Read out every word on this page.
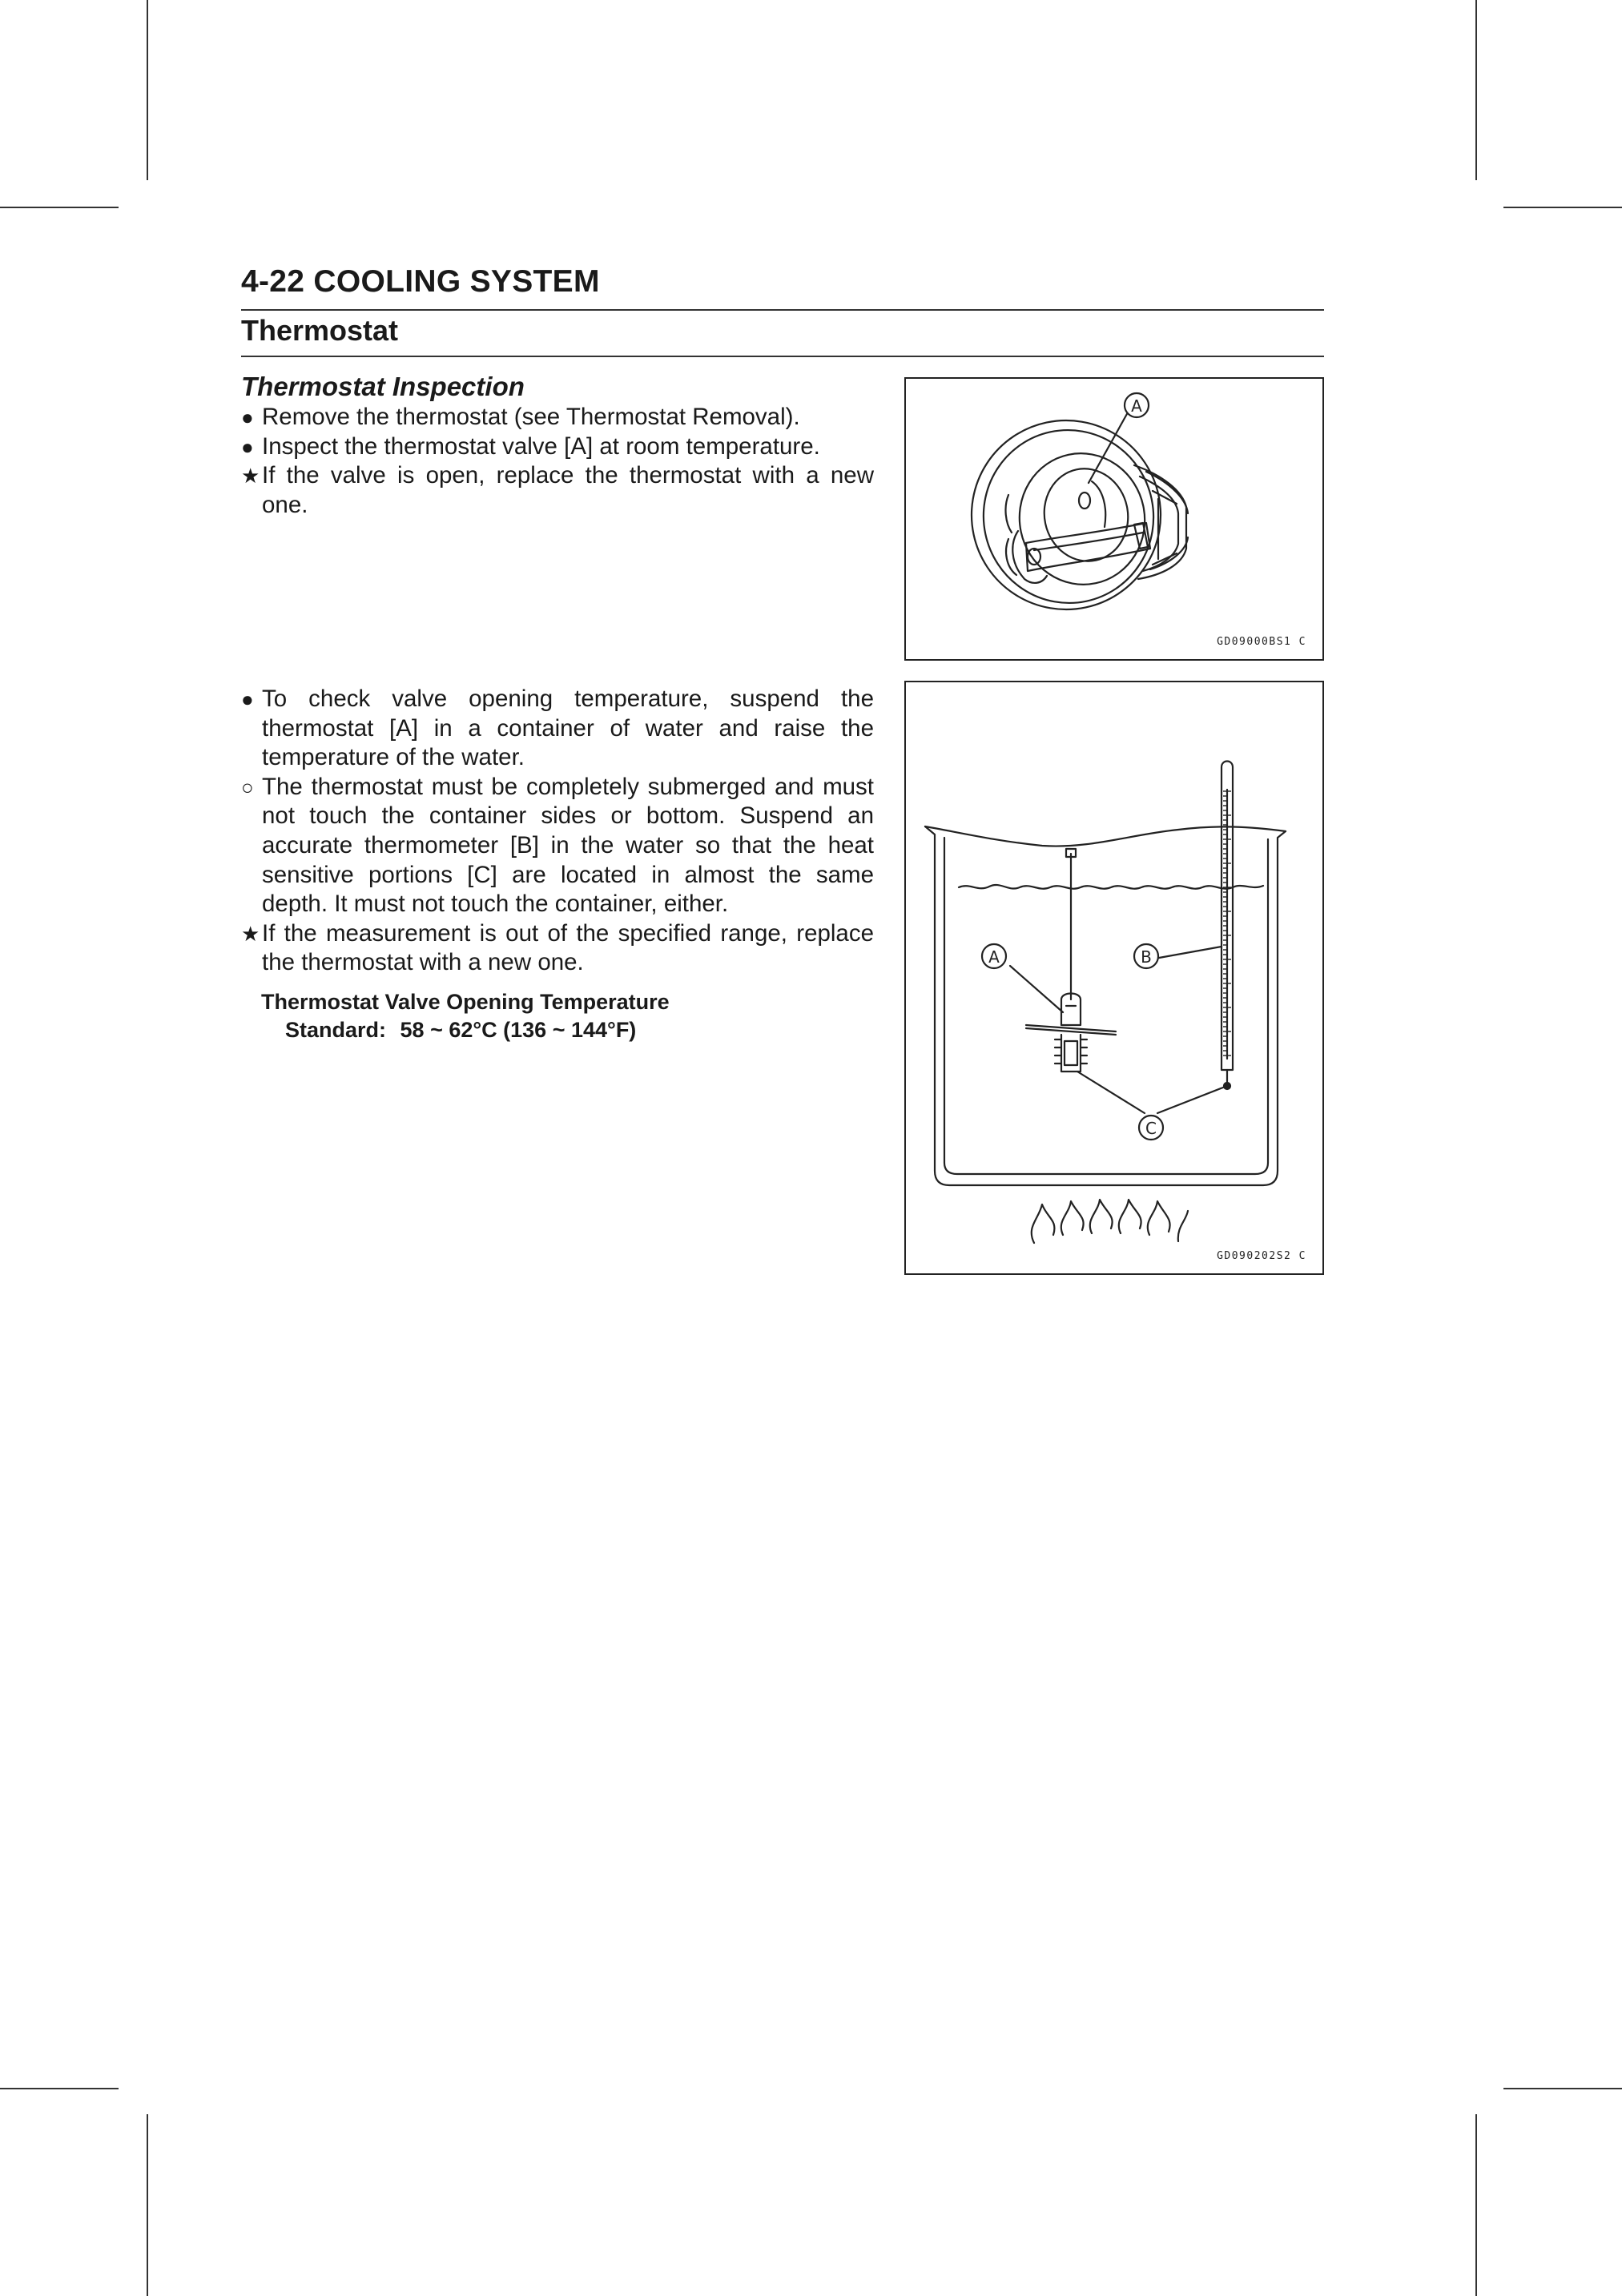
4-22 COOLING SYSTEM
Thermostat
Thermostat Inspection
● Remove the thermostat (see Thermostat Removal).
● Inspect the thermostat valve [A] at room temperature.
★ If the valve is open, replace the thermostat with a new one.
A
GD09000BS1 C
● To check valve opening temperature, suspend the thermostat [A] in a container of water and raise the temperature of the water.
○ The thermostat must be completely submerged and must not touch the container sides or bottom. Suspend an accurate thermometer [B] in the water so that the heat sensitive portions [C] are located in almost the same depth. It must not touch the container, either.
★ If the measurement is out of the specified range, replace the thermostat with a new one.
Thermostat Valve Opening Temperature
Standard: 58 ~ 62°C (136 ~ 144°F)
A	B
C
GD090202S2 C
